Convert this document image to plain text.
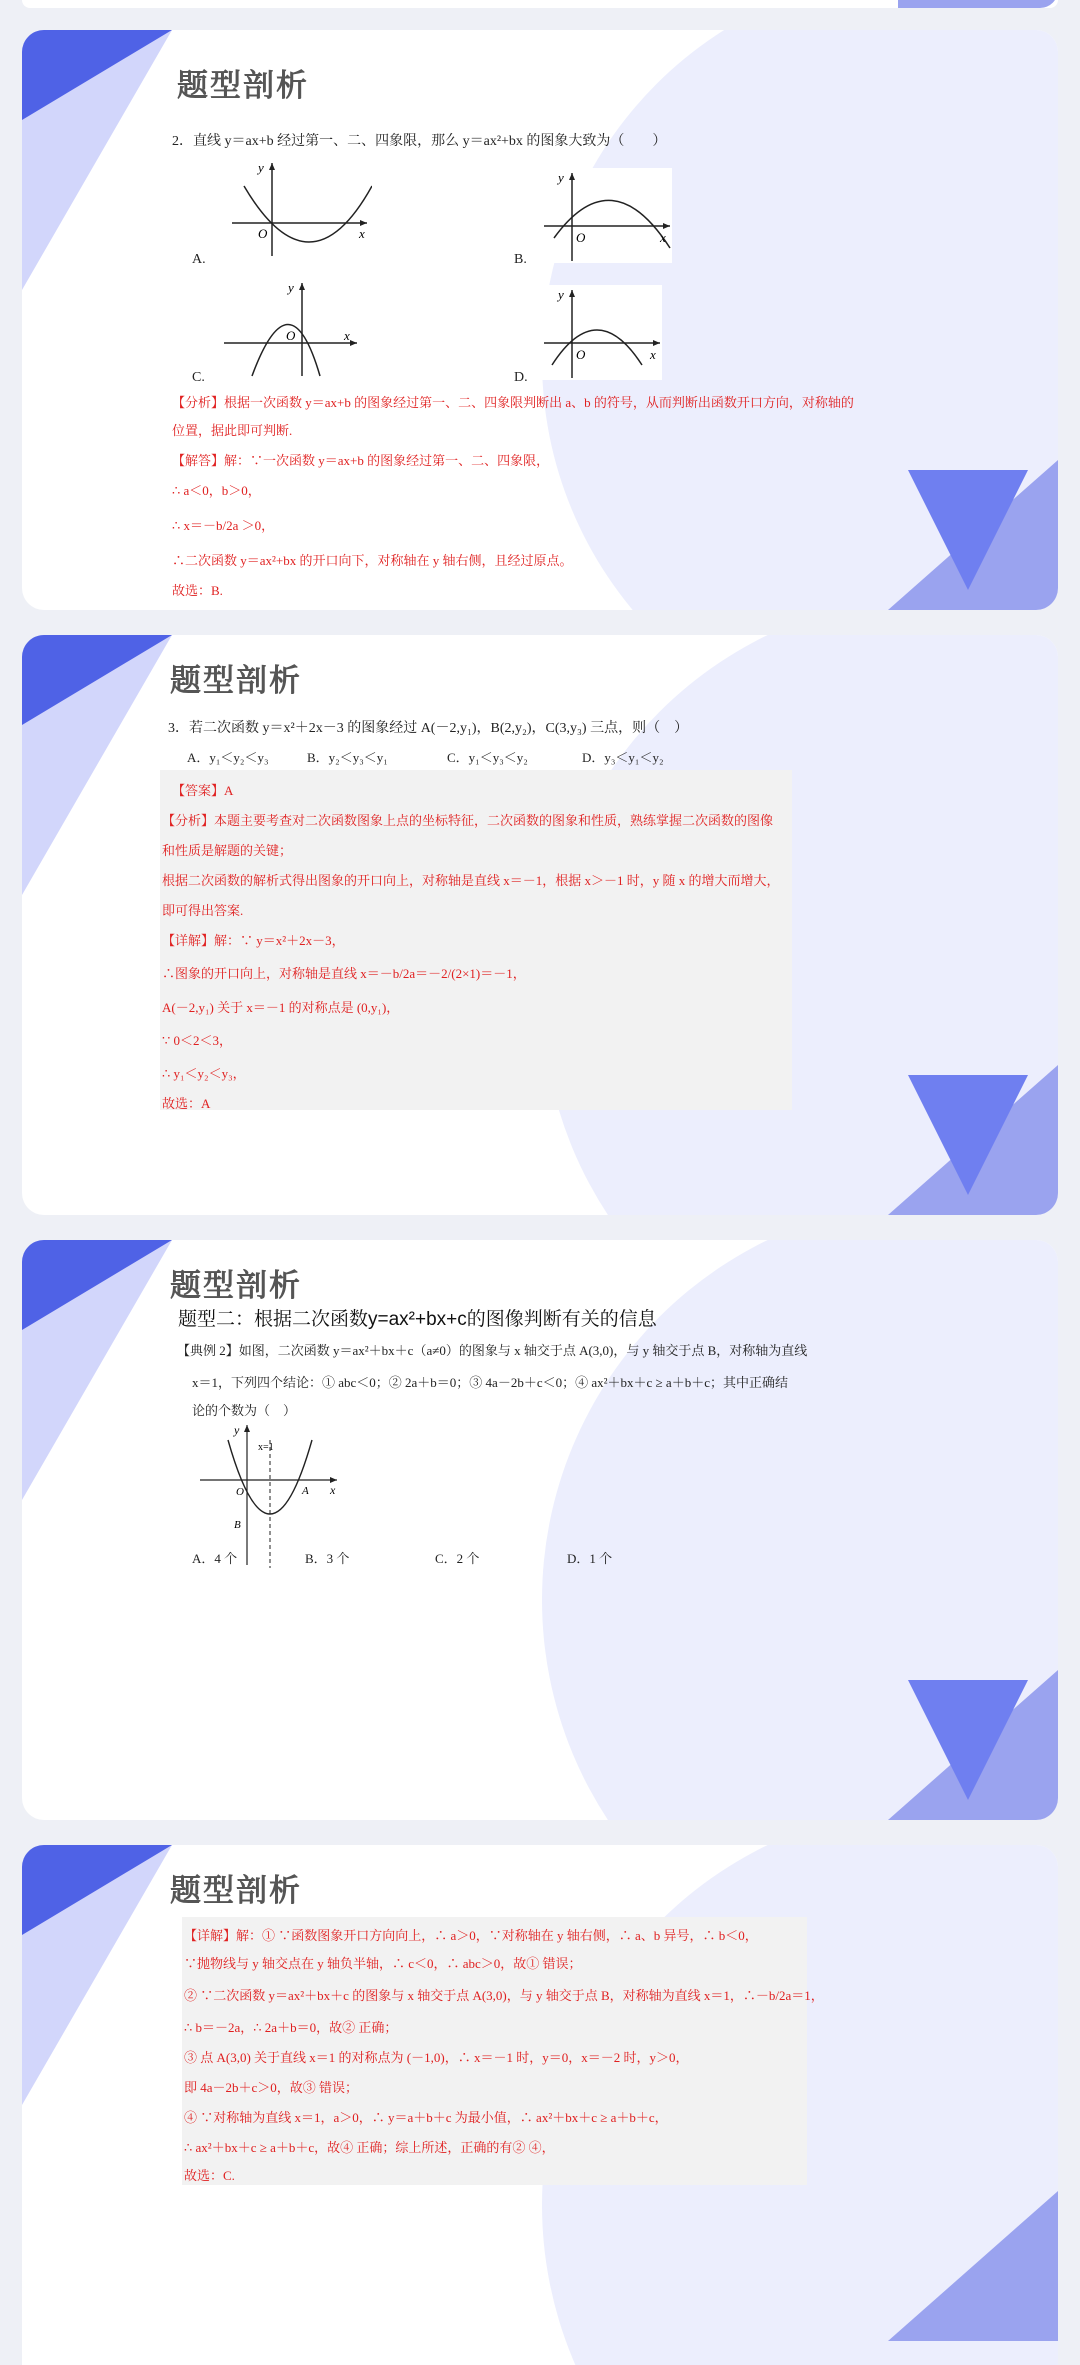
题型剖析
2．直线 y＝ax+b 经过第一、二、四象限，那么 y＝ax²+bx 的图象大致为（　　）
y
x
O
A.
y
x
O
B.
y
x
O
C.
y
x
O
D.
【分析】根据一次函数 y＝ax+b 的图象经过第一、二、四象限判断出 a、b 的符号，从而判断出函数开口方向，对称轴的
位置，据此即可判断.
【解答】解：∵一次函数 y＝ax+b 的图象经过第一、二、四象限，
∴ a＜0，b＞0，
∴ x＝－b/2a ＞0，
∴二次函数 y＝ax²+bx 的开口向下，对称轴在 y 轴右侧，且经过原点。
故选：B.
题型剖析
3．若二次函数 y＝x²＋2x－3 的图象经过 A(－2,y₁)，B(2,y₂)，C(3,y₃) 三点，则（　）
A．y₁＜y₂＜y₃	B．y₂＜y₃＜y₁	C．y₁＜y₃＜y₂	D．y₃＜y₁＜y₂
【答案】A
【分析】本题主要考查对二次函数图象上点的坐标特征，二次函数的图象和性质，熟练掌握二次函数的图像
和性质是解题的关键；
根据二次函数的解析式得出图象的开口向上，对称轴是直线 x＝－1，根据 x＞－1 时，y 随 x 的增大而增大，
即可得出答案.
【详解】解：∵ y＝x²＋2x－3，
∴图象的开口向上，对称轴是直线 x＝－b/2a＝－2/(2×1)＝－1，
A(－2,y₁) 关于 x＝－1 的对称点是 (0,y₁)，
∵ 0＜2＜3，
∴ y₁＜y₂＜y₃，
故选：A
题型剖析
题型二：根据二次函数y=ax²+bx+c的图像判断有关的信息
【典例 2】如图，二次函数 y＝ax²＋bx＋c（a≠0）的图象与 x 轴交于点 A(3,0)，与 y 轴交于点 B，对称轴为直线
x＝1，下列四个结论：① abc＜0；② 2a＋b＝0；③ 4a－2b＋c＜0；④ ax²＋bx＋c ≥ a＋b＋c；其中正确结
论的个数为（　）
y
x
O	A
B
x=1
A．4 个	B．3 个	C．2 个	D．1 个
题型剖析
【详解】解：① ∵函数图象开口方向向上，∴ a＞0，∵对称轴在 y 轴右侧，∴ a、b 异号，∴ b＜0，
∵抛物线与 y 轴交点在 y 轴负半轴，∴ c＜0，∴ abc＞0，故① 错误；
② ∵二次函数 y＝ax²＋bx＋c 的图象与 x 轴交于点 A(3,0)，与 y 轴交于点 B，对称轴为直线 x＝1，∴－b/2a＝1，
∴ b＝－2a，∴ 2a＋b＝0，故② 正确；
③ 点 A(3,0) 关于直线 x＝1 的对称点为 (－1,0)，∴ x＝－1 时，y＝0，x＝－2 时，y＞0，
即 4a－2b＋c＞0，故③ 错误；
④ ∵对称轴为直线 x＝1，a＞0，∴ y＝a＋b＋c 为最小值，∴ ax²＋bx＋c ≥ a＋b＋c，
∴ ax²＋bx＋c ≥ a＋b＋c，故④ 正确；综上所述，正确的有② ④，
故选：C.
